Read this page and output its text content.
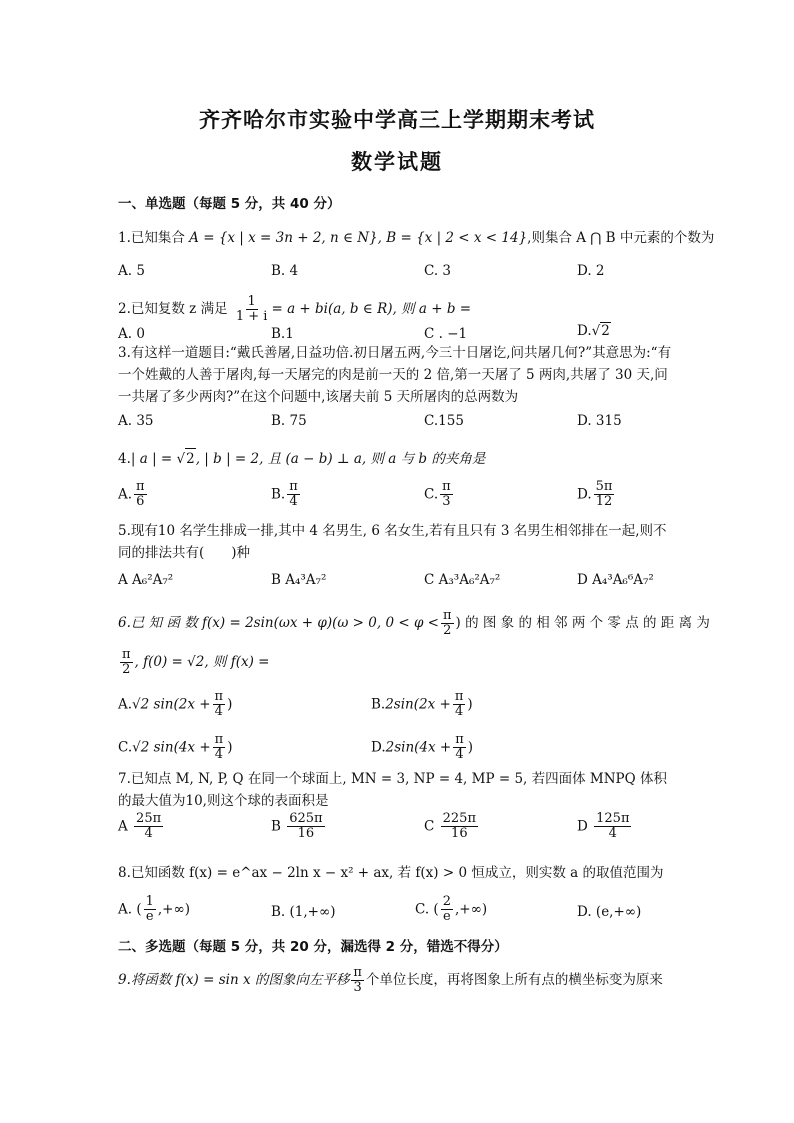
齐齐哈尔市实验中学高三上学期期末考试
数学试题
一、单选题（每题 5 分，共 40 分）
1.已知集合 A = {x | x = 3n + 2, n ∈ N}, B = {x | 2 < x < 14},则集合 A ⋂ B 中元素的个数为
A. 5	B. 4	C. 3	D. 2
2.已知复数 z 满足 $\frac{1}{1 + i} = a + bi(a$, b ∈ R), 则 a + b =
A. 0	B.1	C . −1	D.√ 2
3.有这样一道题目:“戴氏善屠,日益功倍.初日屠五两,今三十日屠讫,问共屠几何?”其意思为:“有一个姓戴的人善于屠肉,每一天屠完的肉是前一天的 2 倍,第一天屠了 5 两肉,共屠了 30 天,问一共屠了多少两肉?”在这个问题中,该屠夫前 5 天所屠肉的总两数为
A. 35	B. 75	C.155	D. 315
4.| a | = √ 2 , | b | = 2, 且 (a − b) ⊥ a, 则 a 与 b 的夹角是
A. $\frac{\pi}{6}$	B. $\frac{\pi}{4}$	C. $\frac{\pi}{3}$	D. $\frac{5\pi}{12}$
5.现有10 名学生排成一排,其中 4 名男生, 6 名女生,若有且只有 3 名男生相邻排在一起,则不同的排法共有(　　)种
A A₆²A₇²	B A₄³A₇²	C A₃³A₆²A₇²	D A₄³A₆⁶A₇²
6.已 知 函 数 f(x) = 2sin(ωx + φ)(ω > 0, $0 < \varphi < \frac{\pi}{2}$ ) 的 图 象 的 相 邻 两 个 零 点 的 距 离 为
$\frac{\pi}{2}$ , f(0) = √2, 则 f(x) =
A.√2 $\sin(2x + \frac{\pi}{4}$ )	$B.2\sin(2x + \frac{\pi}{4}$ )
C.√2 $\sin(4x + \frac{\pi}{4}$ )	$D.2\sin(4x + \frac{\pi}{4}$ )
7.已知点 M, N, P, Q 在同一个球面上, MN = 3, NP = 4, MP = 5, 若四面体 MNPQ 体积的最大值为10,则这个球的表面积是
A $\frac{25\pi}{4}$	B $\frac{625\pi}{16}$	C $\frac{225\pi}{16}$	D $\frac{125\pi}{4}$
8.已知函数 f(x) = e^ax − 2ln x − x² + ax, 若 f(x) > 0 恒成立，则实数 a 的取值范围为
A. ( $\frac{1}{e}$ ,+∞)	B. (1,+∞)	C. ( $\frac{2}{e}$ ,+∞)	D. (e,+∞)
二、多选题（每题 5 分，共 20 分，漏选得 2 分，错选不得分）
9.将函数 f(x) = sin x 的图象向左平移 $\frac{\pi}{3}$ 个单位长度，再将图象上所有点的横坐标变为原来
